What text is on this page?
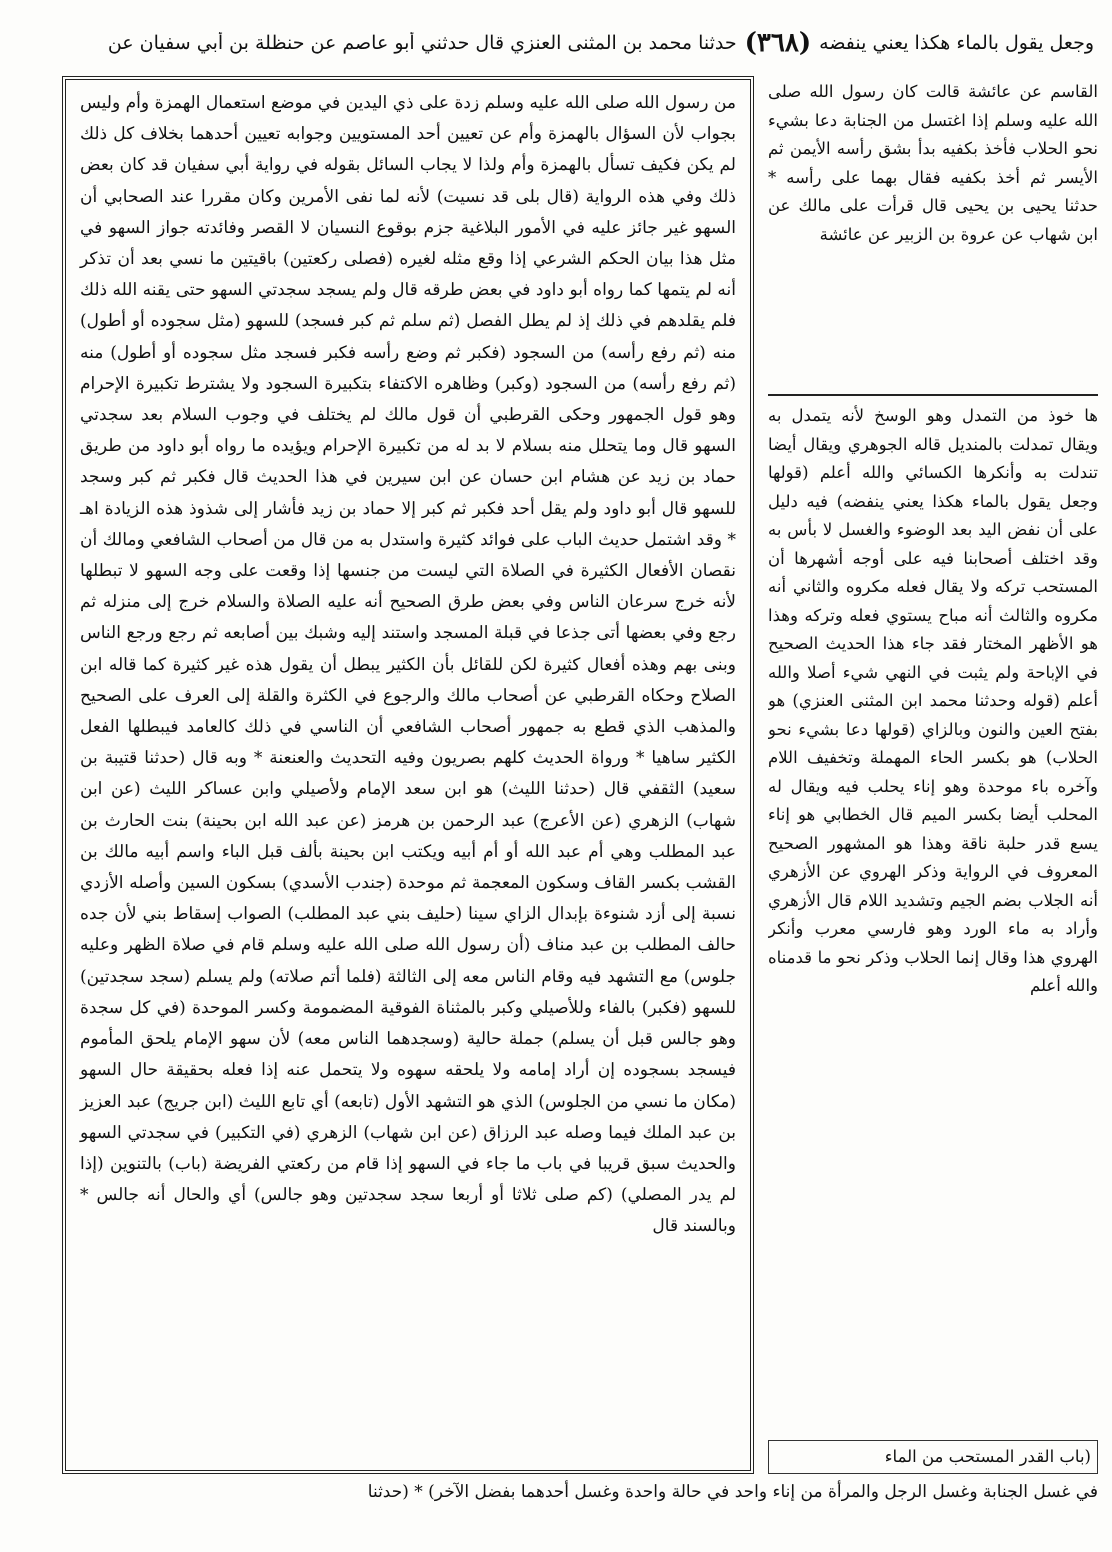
وجعل يقول بالماء هكذا يعني ينفضه
(٣٦٨)
حدثنا محمد بن المثنى العنزي قال حدثني أبو عاصم عن حنظلة بن أبي سفيان عن

من رسول الله صلى الله عليه وسلم زدة على ذي اليدين في موضع استعمال الهمزة وأم وليس بجواب لأن السؤال بالهمزة وأم عن تعيين أحد المستويين وجوابه تعيين أحدهما بخلاف كل ذلك لم يكن فكيف تسأل بالهمزة وأم ولذا لا يجاب السائل بقوله في رواية أبي سفيان قد كان بعض ذلك وفي هذه الرواية (قال بلى قد نسيت) لأنه لما نفى الأمرين وكان مقررا عند الصحابي أن السهو غير جائز عليه في الأمور البلاغية جزم بوقوع النسيان لا القصر وفائدته جواز السهو في مثل هذا بيان الحكم الشرعي إذا وقع مثله لغيره (فصلى ركعتين) باقيتين ما نسي بعد أن تذكر أنه لم يتمها كما رواه أبو داود في بعض طرقه قال ولم يسجد سجدتي السهو حتى يقنه الله ذلك فلم يقلدهم في ذلك إذ لم يطل الفصل (ثم سلم ثم كبر فسجد) للسهو (مثل سجوده أو أطول) منه (ثم رفع رأسه) من السجود (فكبر ثم وضع رأسه فكبر فسجد مثل سجوده أو أطول) منه (ثم رفع رأسه) من السجود (وكبر) وظاهره الاكتفاء بتكبيرة السجود ولا يشترط تكبيرة الإحرام وهو قول الجمهور وحكى القرطبي أن قول مالك لم يختلف في وجوب السلام بعد سجدتي السهو قال وما يتحلل منه بسلام لا بد له من تكبيرة الإحرام ويؤيده ما رواه أبو داود من طريق حماد بن زيد عن هشام ابن حسان عن ابن سيرين في هذا الحديث قال فكبر ثم كبر وسجد للسهو قال أبو داود ولم يقل أحد فكبر ثم كبر إلا حماد بن زيد فأشار إلى شذوذ هذه الزيادة اهـ * وقد اشتمل حديث الباب على فوائد كثيرة واستدل به من قال من أصحاب الشافعي ومالك أن نقصان الأفعال الكثيرة في الصلاة التي ليست من جنسها إذا وقعت على وجه السهو لا تبطلها لأنه خرج سرعان الناس وفي بعض طرق الصحيح أنه عليه الصلاة والسلام خرج إلى منزله ثم رجع وفي بعضها أتى جذعا في قبلة المسجد واستند إليه وشبك بين أصابعه ثم رجع ورجع الناس وبنى بهم وهذه أفعال كثيرة لكن للقائل بأن الكثير يبطل أن يقول هذه غير كثيرة كما قاله ابن الصلاح وحكاه القرطبي عن أصحاب مالك والرجوع في الكثرة والقلة إلى العرف على الصحيح والمذهب الذي قطع به جمهور أصحاب الشافعي أن الناسي في ذلك كالعامد فيبطلها الفعل الكثير ساهيا * ورواة الحديث كلهم بصريون وفيه التحديث والعنعنة * وبه قال (حدثنا قتيبة بن سعيد) الثقفي قال (حدثنا الليث) هو ابن سعد الإمام ولأصيلي وابن عساكر الليث (عن ابن شهاب) الزهري (عن الأعرج) عبد الرحمن بن هرمز (عن عبد الله ابن بحينة) بنت الحارث بن عبد المطلب وهي أم عبد الله أو أم أبيه ويكتب ابن بحينة بألف قبل الباء واسم أبيه مالك بن القشب بكسر القاف وسكون المعجمة ثم موحدة (جندب الأسدي) بسكون السين وأصله الأزدي نسبة إلى أزد شنوءة بإبدال الزاي سينا (حليف بني عبد المطلب) الصواب إسقاط بني لأن جده حالف المطلب بن عبد مناف (أن رسول الله صلى الله عليه وسلم قام في صلاة الظهر وعليه جلوس) مع التشهد فيه وقام الناس معه إلى الثالثة (فلما أتم صلاته) ولم يسلم (سجد سجدتين) للسهو (فكبر) بالفاء وللأصيلي وكبر بالمثناة الفوقية المضمومة وكسر الموحدة (في كل سجدة وهو جالس قبل أن يسلم) جملة حالية (وسجدهما الناس معه) لأن سهو الإمام يلحق المأموم فيسجد بسجوده إن أراد إمامه ولا يلحقه سهوه ولا يتحمل عنه إذا فعله بحقيقة حال السهو (مكان ما نسي من الجلوس) الذي هو التشهد الأول (تابعه) أي تابع الليث (ابن جريج) عبد العزيز بن عبد الملك فيما وصله عبد الرزاق (عن ابن شهاب) الزهري (في التكبير) في سجدتي السهو والحديث سبق قريبا في باب ما جاء في السهو إذا قام من ركعتي الفريضة (باب) بالتنوين (إذا لم يدر المصلي) (كم صلى ثلاثا أو أربعا سجد سجدتين وهو جالس) أي والحال أنه جالس * وبالسند قال

القاسم عن عائشة قالت كان رسول الله صلى الله عليه وسلم إذا اغتسل من الجنابة دعا بشيء نحو الحلاب فأخذ بكفيه بدأ بشق رأسه الأيمن ثم الأيسر ثم أخذ بكفيه فقال بهما على رأسه * حدثنا يحيى بن يحيى قال قرأت على مالك عن ابن شهاب عن عروة بن الزبير عن عائشة

ها خوذ من التمدل وهو الوسخ لأنه يتمدل به ويقال تمدلت بالمنديل قاله الجوهري ويقال أيضا تندلت به وأنكرها الكسائي والله أعلم (قولها وجعل يقول بالماء هكذا يعني ينفضه) فيه دليل على أن نفض اليد بعد الوضوء والغسل لا بأس به وقد اختلف أصحابنا فيه على أوجه أشهرها أن المستحب تركه ولا يقال فعله مكروه والثاني أنه مكروه والثالث أنه مباح يستوي فعله وتركه وهذا هو الأظهر المختار فقد جاء هذا الحديث الصحيح في الإباحة ولم يثبت في النهي شيء أصلا والله أعلم (قوله وحدثنا محمد ابن المثنى العنزي) هو بفتح العين والنون وبالزاي (قولها دعا بشيء نحو الحلاب) هو بكسر الحاء المهملة وتخفيف اللام وآخره باء موحدة وهو إناء يحلب فيه ويقال له المحلب أيضا بكسر الميم قال الخطابي هو إناء يسع قدر حلبة ناقة وهذا هو المشهور الصحيح المعروف في الرواية وذكر الهروي عن الأزهري أنه الجلاب بضم الجيم وتشديد اللام قال الأزهري وأراد به ماء الورد وهو فارسي معرب وأنكر الهروي هذا وقال إنما الحلاب وذكر نحو ما قدمناه والله أعلم

(باب القدر المستحب من الماء
في غسل الجنابة وغسل الرجل والمرأة من إناء واحد في حالة واحدة وغسل أحدهما بفضل الآخر) * (حدثنا
